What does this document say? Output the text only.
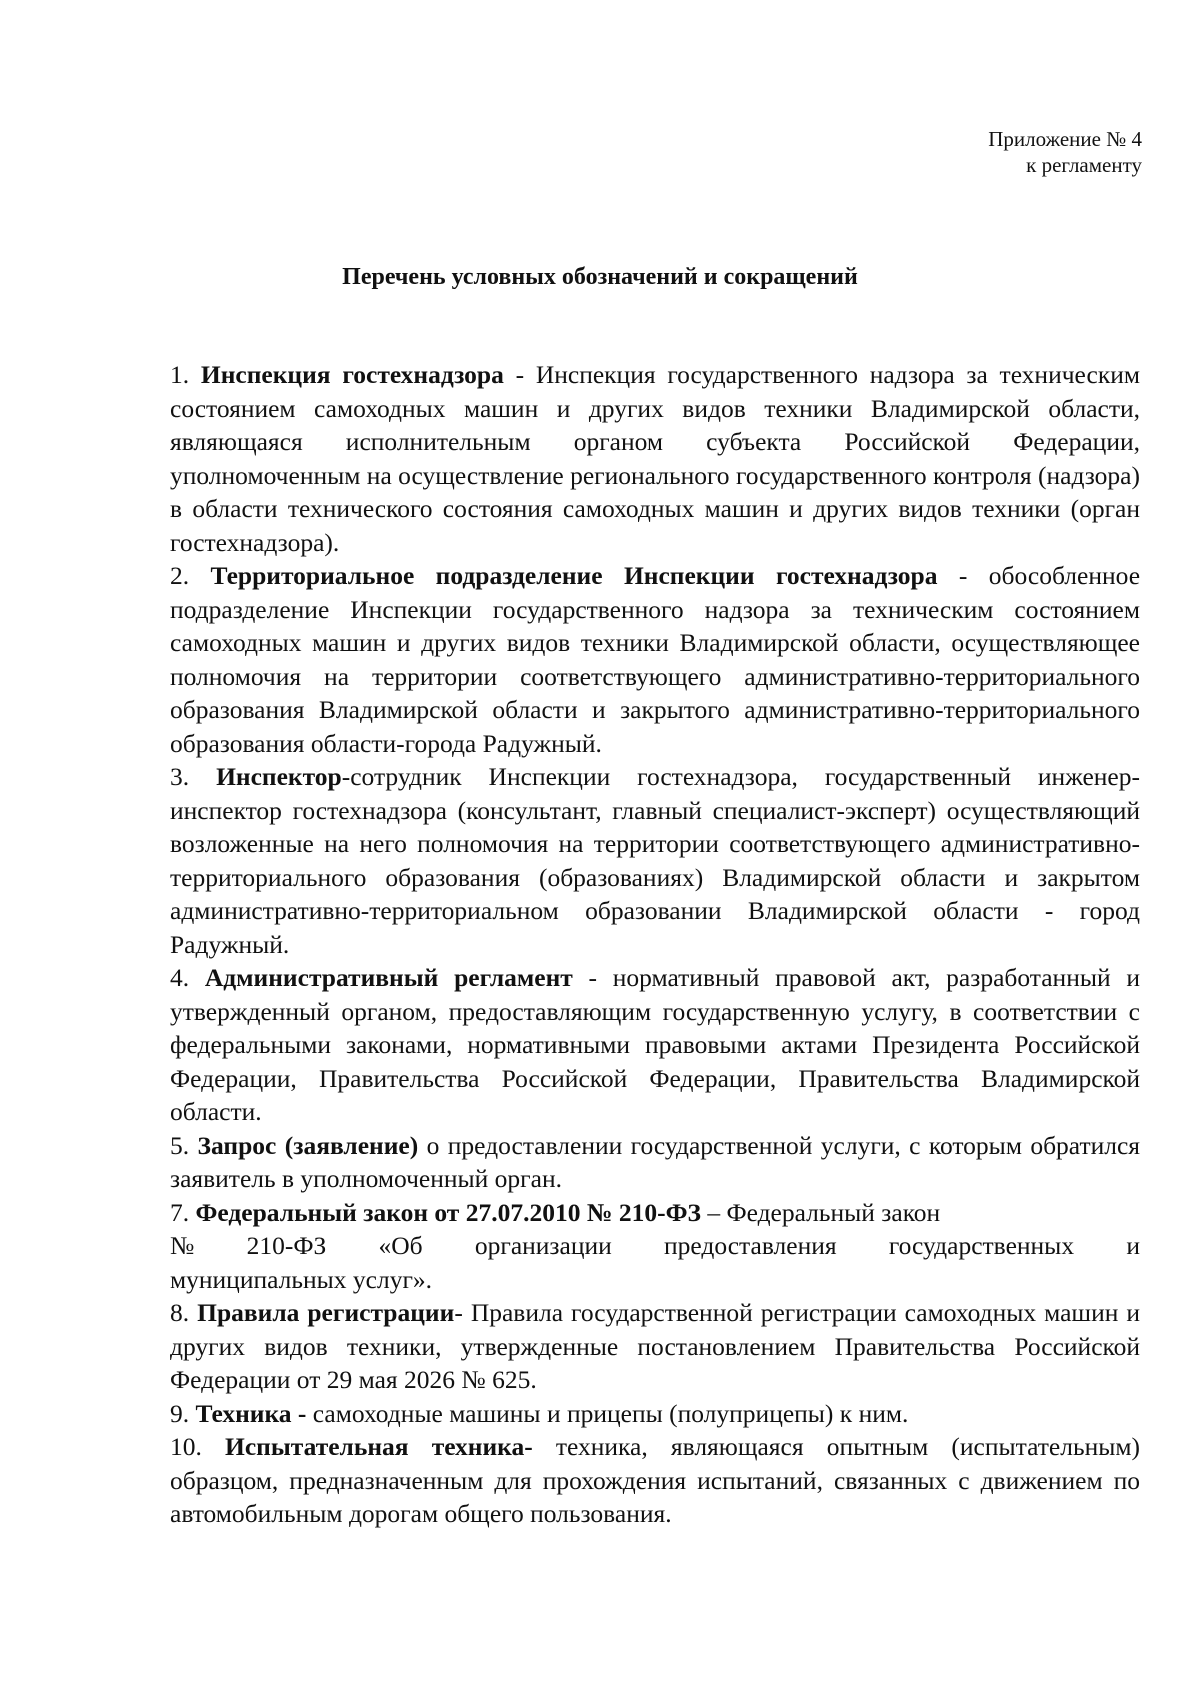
Приложение № 4
к регламенту
Перечень условных обозначений и сокращений

1. Инспекция гостехнадзора - Инспекция государственного надзора за техническим состоянием самоходных машин и других видов техники Владимирской области, являющаяся исполнительным органом субъекта Российской Федерации, уполномоченным на осуществление регионального государственного контроля (надзора) в области технического состояния самоходных машин и других видов техники (орган гостехнадзора).

2. Территориальное подразделение Инспекции гостехнадзора - обособленное подразделение Инспекции государственного надзора за техническим состоянием самоходных машин и других видов техники Владимирской области, осуществляющее полномочия на территории соответствующего административно-территориального образования Владимирской области и закрытого административно-территориального образования области-города Радужный.

3. Инспектор-сотрудник Инспекции гостехнадзора, государственный инженер-инспектор гостехнадзора (консультант, главный специалист-эксперт) осуществляющий возложенные на него полномочия на территории соответствующего административно-территориального образования (образованиях) Владимирской области и закрытом административно-территориальном образовании Владимирской области - город Радужный.

4. Административный регламент - нормативный правовой акт, разработанный и утвержденный органом, предоставляющим государственную услугу, в соответствии с федеральными законами, нормативными правовыми актами Президента Российской Федерации, Правительства Российской Федерации, Правительства Владимирской области.

5. Запрос (заявление) о предоставлении государственной услуги, с которым обратился заявитель в уполномоченный орган.

7. Федеральный закон от 27.07.2010 № 210-ФЗ – Федеральный закон
№ 210-ФЗ «Об организации предоставления государственных и
муниципальных услуг».

8. Правила регистрации- Правила государственной регистрации самоходных машин и других видов техники, утвержденные постановлением Правительства Российской Федерации от 29 мая 2026 № 625.

9. Техника - самоходные машины и прицепы (полуприцепы) к ним.

10. Испытательная техника- техника, являющаяся опытным (испытательным) образцом, предназначенным для прохождения испытаний, связанных с движением по автомобильным дорогам общего пользования.
